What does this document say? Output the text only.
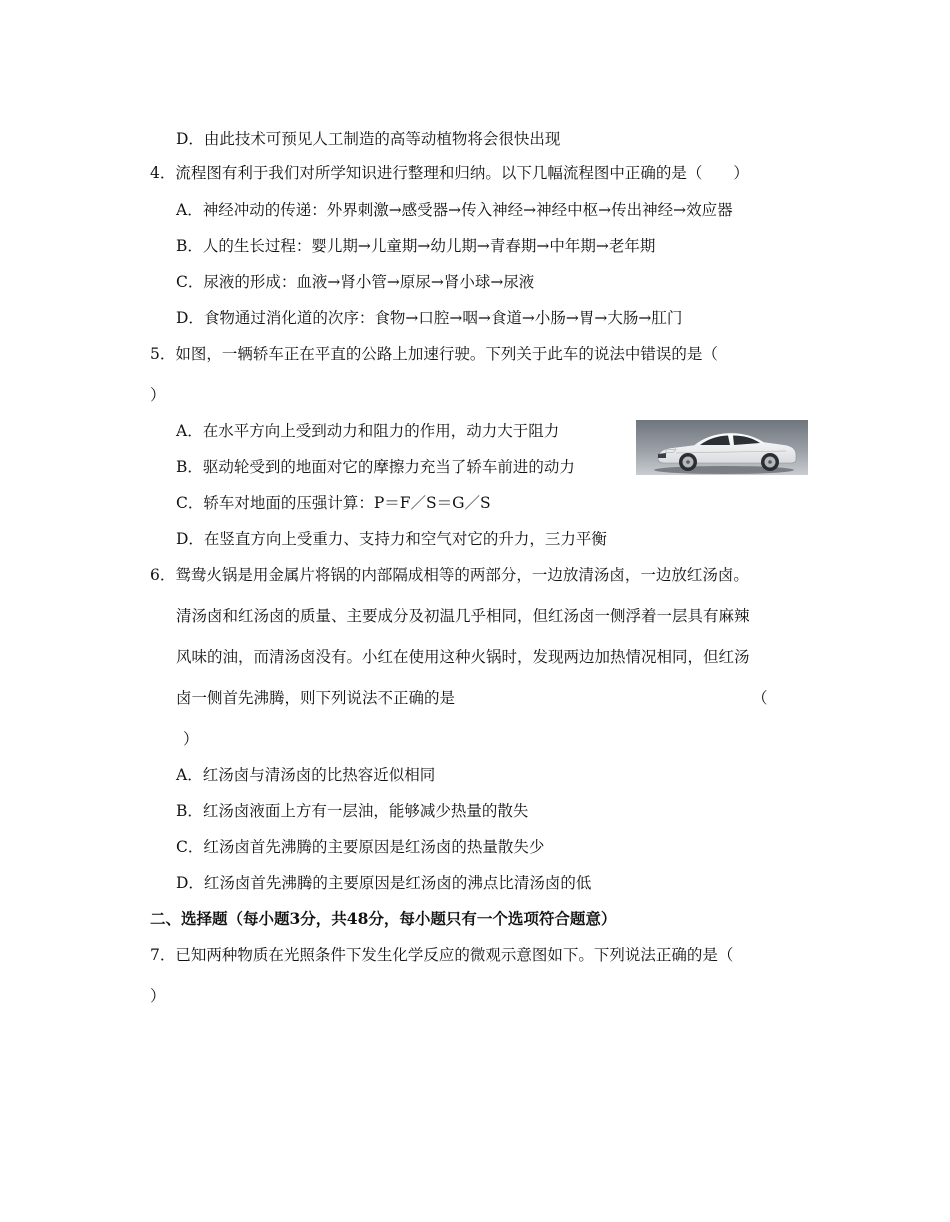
D．由此技术可预见人工制造的高等动植物将会很快出现
4．流程图有利于我们对所学知识进行整理和归纳。以下几幅流程图中正确的是（　　）
A．神经冲动的传递：外界刺激→感受器→传入神经→神经中枢→传出神经→效应器
B．人的生长过程：婴儿期→儿童期→幼儿期→青春期→中年期→老年期
C．尿液的形成：血液→肾小管→原尿→肾小球→尿液
D．食物通过消化道的次序：食物→口腔→咽→食道→小肠→胃→大肠→肛门
5．如图，一辆轿车正在平直的公路上加速行驶。下列关于此车的说法中错误的是（
）
A．在水平方向上受到动力和阻力的作用，动力大于阻力
B．驱动轮受到的地面对它的摩擦力充当了轿车前进的动力
C．轿车对地面的压强计算：P＝F／S＝G／S
D．在竖直方向上受重力、支持力和空气对它的升力，三力平衡
6．鸳鸯火锅是用金属片将锅的内部隔成相等的两部分，一边放清汤卤，一边放红汤卤。
清汤卤和红汤卤的质量、主要成分及初温几乎相同，但红汤卤一侧浮着一层具有麻辣
风味的油，而清汤卤没有。小红在使用这种火锅时，发现两边加热情况相同，但红汤
卤一侧首先沸腾，则下列说法不正确的是	（
）
A．红汤卤与清汤卤的比热容近似相同
B．红汤卤液面上方有一层油，能够减少热量的散失
C．红汤卤首先沸腾的主要原因是红汤卤的热量散失少
D．红汤卤首先沸腾的主要原因是红汤卤的沸点比清汤卤的低
二、选择题（每小题3分，共48分，每小题只有一个选项符合题意）
7．已知两种物质在光照条件下发生化学反应的微观示意图如下。下列说法正确的是（
）
